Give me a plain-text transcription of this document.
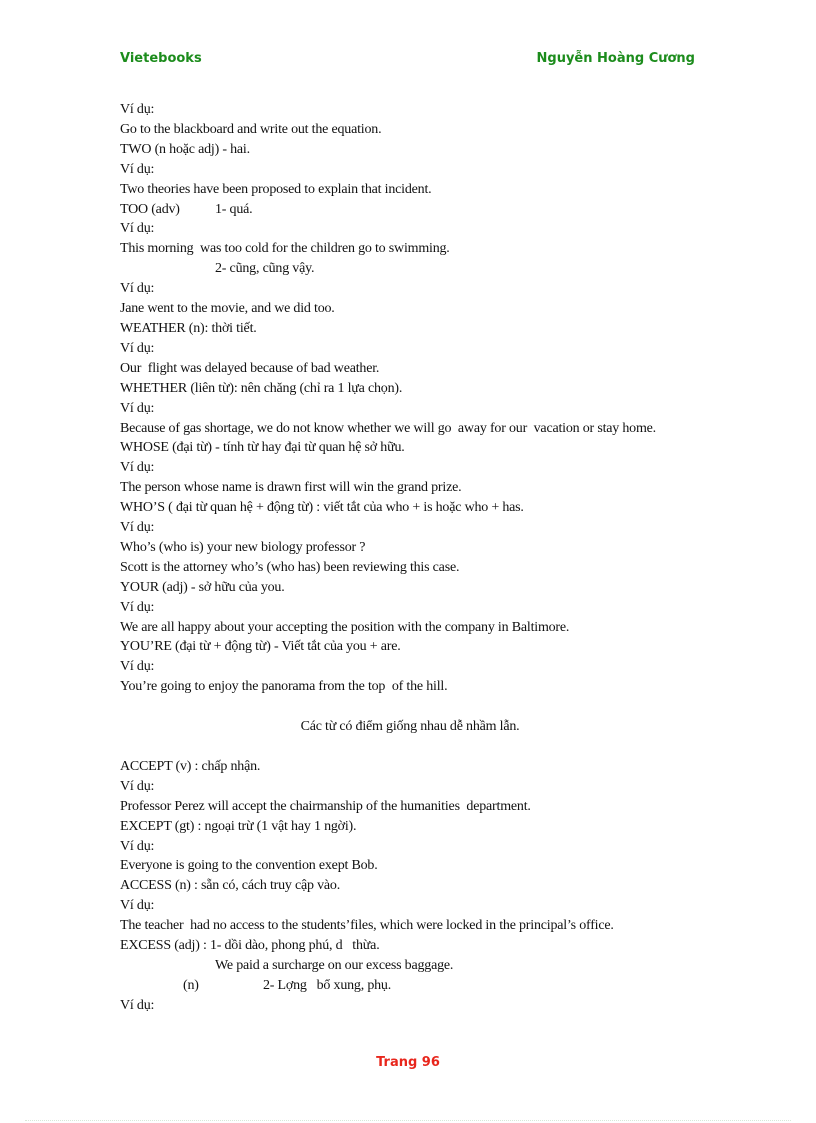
Vietebooks	Nguyễn Hoàng Cương
Ví dụ:
Go to the blackboard and write out the equation.
TWO (n hoặc adj) - hai.
Ví dụ:
Two theories have been proposed to explain that incident.
TOO (adv)	1- quá.
Ví dụ:
This morning  was too cold for the children go to swimming.
2- cũng, cũng vậy.
Ví dụ:
Jane went to the movie, and we did too.
WEATHER (n): thời tiết.
Ví dụ:
Our  flight was delayed because of bad weather.
WHETHER (liên từ): nên chăng (chỉ ra 1 lựa chọn).
Ví dụ:
Because of gas shortage, we do not know whether we will go  away for our  vacation or stay home.
WHOSE (đại từ) - tính từ hay đại từ quan hệ sở hữu.
Ví dụ:
The person whose name is drawn first will win the grand prize.
WHO’S ( đại từ quan hệ + động từ) : viết tắt của who + is hoặc who + has.
Ví dụ:
Who’s (who is) your new biology professor ?
Scott is the attorney who’s (who has) been reviewing this case.
YOUR (adj) - sở hữu của you.
Ví dụ:
We are all happy about your accepting the position with the company in Baltimore.
YOU’RE (đại từ + động từ) - Viết tắt của you + are.
Ví dụ:
You’re going to enjoy the panorama from the top  of the hill.
Các từ có điểm giống nhau dễ nhầm lẫn.
ACCEPT (v) : chấp nhận.
Ví dụ:
Professor Perez will accept the chairmanship of the humanities  department.
EXCEPT (gt) : ngoại trừ (1 vật hay 1 ngời).
Ví dụ:
Everyone is going to the convention exept Bob.
ACCESS (n) : sẵn có, cách truy cập vào.
Ví dụ:
The teacher  had no access to the students’files, which were locked in the principal’s office.
EXCESS (adj) : 1- dồi dào, phong phú, d   thừa.
We paid a surcharge on our excess baggage.
(n)	2- Lợng   bổ xung, phụ.
Ví dụ:
Trang 96
